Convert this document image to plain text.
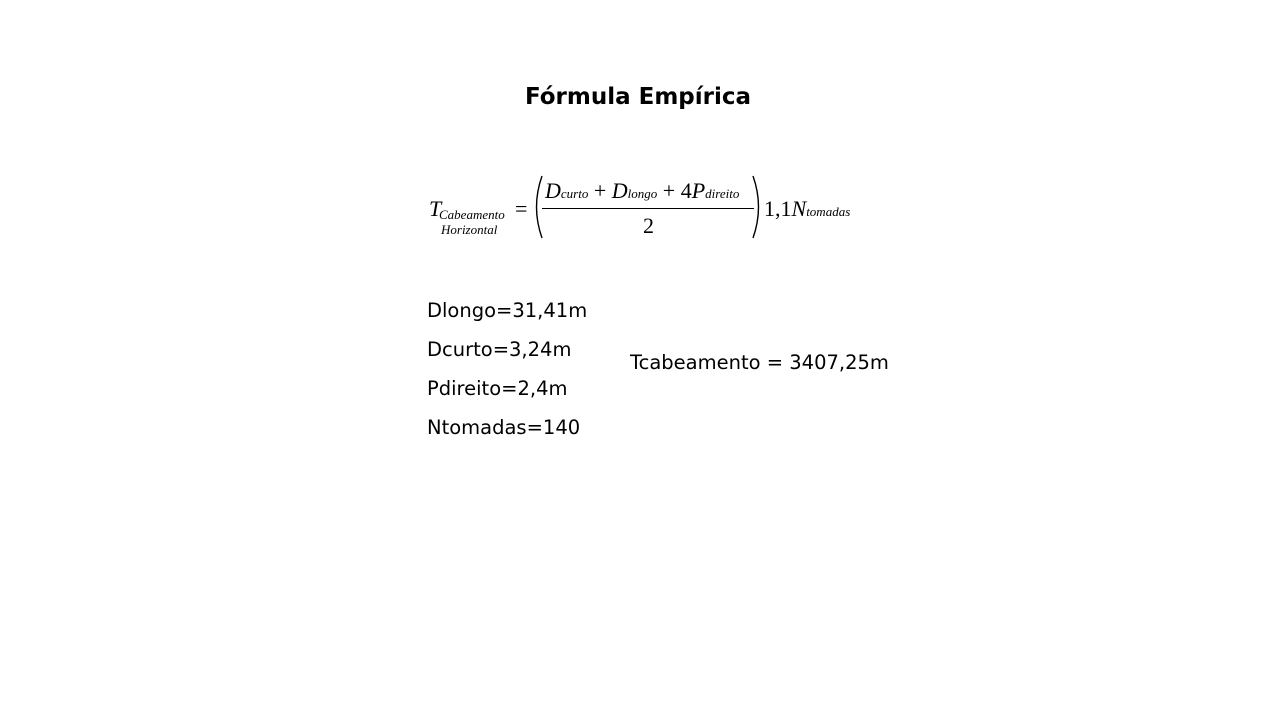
Fórmula Empírica
T
Cabeamento
Horizontal
=
Dcurto + Dlongo + 4Pdireito
2
1,1Ntomadas
Dlongo=31,41m
Dcurto=3,24m
Pdireito=2,4m
Ntomadas=140
Tcabeamento = 3407,25m
